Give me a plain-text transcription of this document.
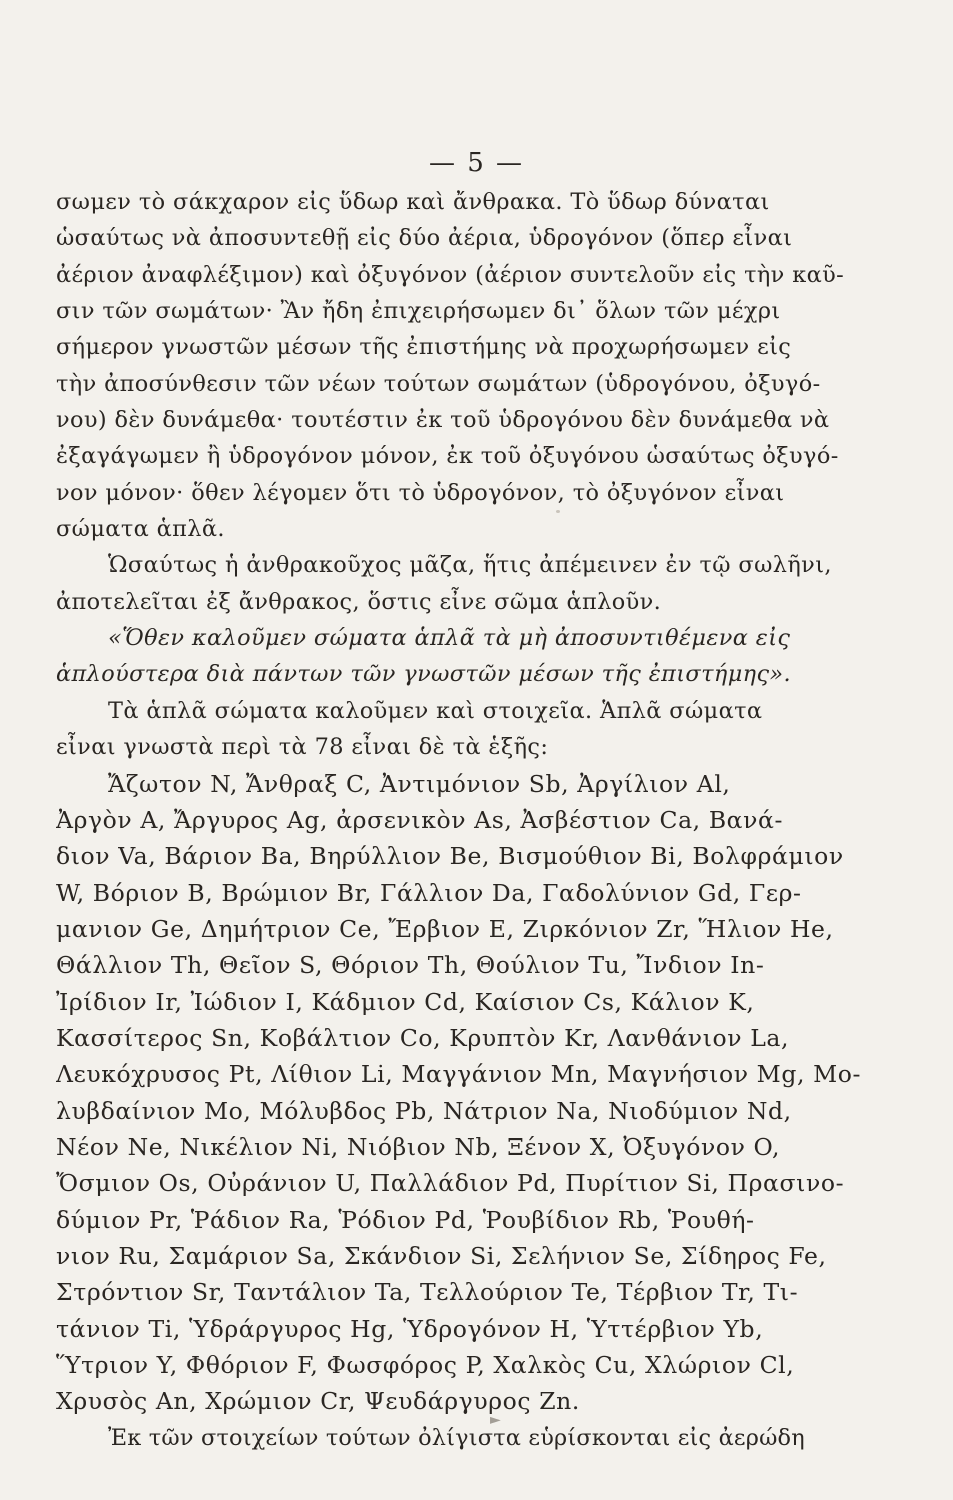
— 5 —
σωμεν τὸ σάκχαρον εἰς ὕδωρ καὶ ἄνθρακα. Τὸ ὕδωρ δύναται
ὡσαύτως νὰ ἀποσυντεθῇ εἰς δύο ἀέρια, ὑδρογόνον (ὅπερ εἶναι
ἀέριον ἀναφλέξιμον) καὶ ὀξυγόνον (ἀέριον συντελοῦν εἰς τὴν καῦ-
σιν τῶν σωμάτων· Ἂν ἤδη ἐπιχειρήσωμεν δι᾽ ὅλων τῶν μέχρι
σήμερον γνωστῶν μέσων τῆς ἐπιστήμης νὰ προχωρήσωμεν εἰς
τὴν ἀποσύνθεσιν τῶν νέων τούτων σωμάτων (ὑδρογόνου, ὀξυγό-
νου) δὲν δυνάμεθα· τουτέστιν ἐκ τοῦ ὑδρογόνου δὲν δυνάμεθα νὰ
ἐξαγάγωμεν ἢ ὑδρογόνον μόνον, ἐκ τοῦ ὀξυγόνου ὡσαύτως ὀξυγό-
νον μόνον· ὅθεν λέγομεν ὅτι τὸ ὑδρογόνον, τὸ ὀξυγόνον εἶναι
σώματα ἁπλᾶ.
Ὡσαύτως ἡ ἀνθρακοῦχος μᾶζα, ἥτις ἀπέμεινεν ἐν τῷ σωλῆνι,
ἀποτελεῖται ἐξ ἄνθρακος, ὅστις εἶνε σῶμα ἁπλοῦν.
«Ὅθεν καλοῦμεν σώματα ἁπλᾶ τὰ μὴ ἀποσυντιθέμενα εἰς
ἁπλούστερα διὰ πάντων τῶν γνωστῶν μέσων τῆς ἐπιστήμης».
Τὰ ἁπλᾶ σώματα καλοῦμεν καὶ στοιχεῖα. Ἁπλᾶ σώματα
εἶναι γνωστὰ περὶ τὰ 78 εἶναι δὲ τὰ ἑξῆς:
Ἄζωτον N, Ἄνθραξ C, Ἀντιμόνιον Sb, Ἀργίλιον Al,
Ἀργὸν A, Ἄργυρος Ag, ἀρσενικὸν As, Ἀσβέστιον Ca, Βανά-
διον Va, Βάριον Ba, Βηρύλλιον Be, Βισμούθιον Bi, Βολφράμιον
W, Βόριον B, Βρώμιον Br, Γάλλιον Da, Γαδολύνιον Gd, Γερ-
μανιον Ge, Δημήτριον Ce, Ἔρβιον E, Ζιρκόνιον Zr, Ἥλιον He,
Θάλλιον Th, Θεῖον S, Θόριον Th, Θούλιον Tu, Ἴνδιον In-
Ἰρίδιον Ir, Ἰώδιον I, Κάδμιον Cd, Καίσιον Cs, Κάλιον K,
Κασσίτερος Sn, Κοβάλτιον Co, Κρυπτὸν Kr, Λανθάνιον La,
Λευκόχρυσος Pt, Λίθιον Li, Μαγγάνιον Mn, Μαγνήσιον Mg, Μο-
λυβδαίνιον Mo, Μόλυβδος Pb, Νάτριον Na, Νιοδύμιον Nd,
Νέον Ne, Νικέλιον Ni, Νιόβιον Nb, Ξένον X, Ὀξυγόνον O,
Ὄσμιον Os, Οὐράνιον U, Παλλάδιον Pd, Πυρίτιον Si, Πρασινο-
δύμιον Pr, Ῥάδιον Ra, Ῥόδιον Pd, Ῥουβίδιον Rb, Ῥουθή-
νιον Ru, Σαμάριον Sa, Σκάνδιον Si, Σελήνιον Se, Σίδηρος Fe,
Στρόντιον Sr, Ταντάλιον Ta, Τελλούριον Te, Τέρβιον Tr, Τι-
τάνιον Ti, Ὑδράργυρος Hg, Ὑδρογόνον H, Ὑττέρβιον Yb,
Ὕτριον Y, Φθόριον F, Φωσφόρος P, Χαλκὸς Cu, Χλώριον Cl,
Χρυσὸς An, Χρώμιον Cr, Ψευδάργυρος Zn.
Ἐκ τῶν στοιχείων τούτων ὀλίγιστα εὑρίσκονται εἰς ἀερώδη
►
